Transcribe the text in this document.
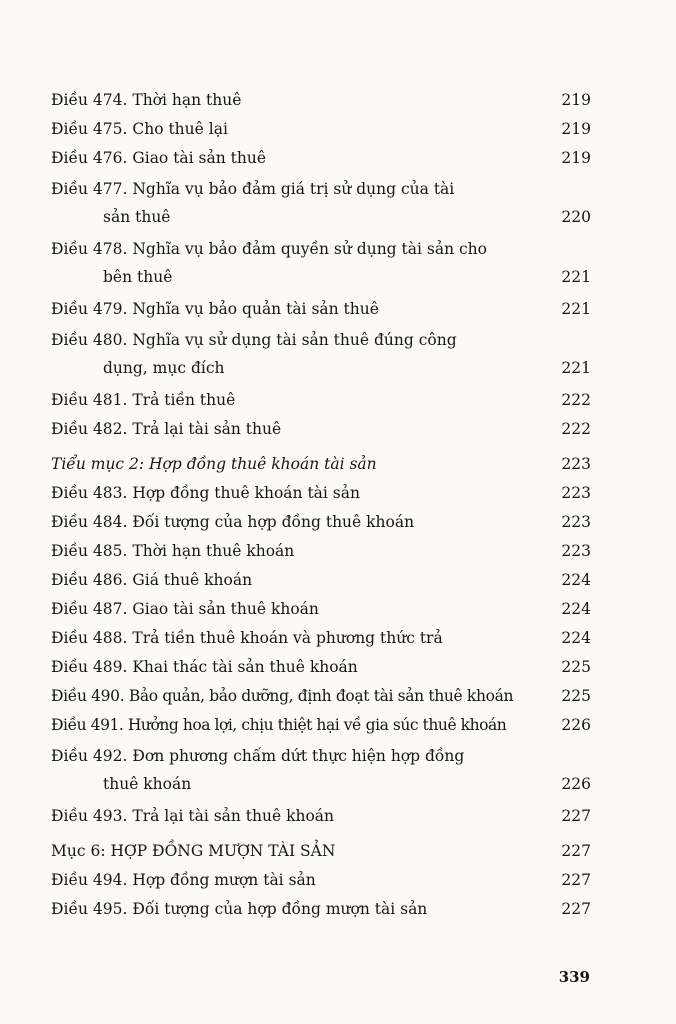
Điều 474. Thời hạn thuê	219
Điều 475. Cho thuê lại	219
Điều 476. Giao tài sản thuê	219
Điều 477. Nghĩa vụ bảo đảm giá trị sử dụng của tài
sản thuê	220
Điều 478. Nghĩa vụ bảo đảm quyền sử dụng tài sản cho
bên thuê	221
Điều 479. Nghĩa vụ bảo quản tài sản thuê	221
Điều 480. Nghĩa vụ sử dụng tài sản thuê đúng công
dụng, mục đích	221
Điều 481. Trả tiền thuê	222
Điều 482. Trả lại tài sản thuê	222
Tiểu mục 2: Hợp đồng thuê khoán tài sản	223
Điều 483. Hợp đồng thuê khoán tài sản	223
Điều 484. Đối tượng của hợp đồng thuê khoán	223
Điều 485. Thời hạn thuê khoán	223
Điều 486. Giá thuê khoán	224
Điều 487. Giao tài sản thuê khoán	224
Điều 488. Trả tiền thuê khoán và phương thức trả	224
Điều 489. Khai thác tài sản thuê khoán	225
Điều 490. Bảo quản, bảo dưỡng, định đoạt tài sản thuê khoán	225
Điều 491. Hưởng hoa lợi, chịu thiệt hại về gia súc thuê khoán	226
Điều 492. Đơn phương chấm dứt thực hiện hợp đồng
thuê khoán	226
Điều 493. Trả lại tài sản thuê khoán	227
Mục 6: HỢP ĐỒNG MƯỢN TÀI SẢN	227
Điều 494. Hợp đồng mượn tài sản	227
Điều 495. Đối tượng của hợp đồng mượn tài sản	227
339
